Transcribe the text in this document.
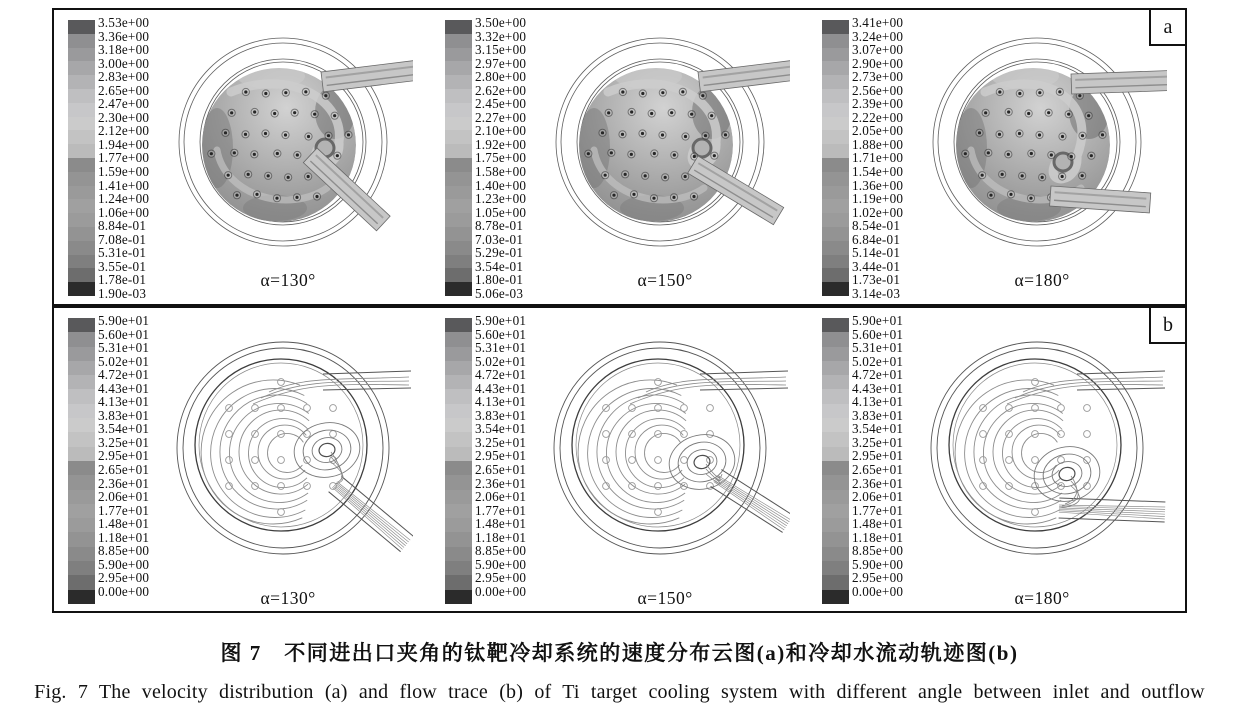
a
3.53e+00
3.36e+00
3.18e+00
3.00e+00
2.83e+00
2.65e+00
2.47e+00
2.30e+00
2.12e+00
1.94e+00
1.77e+00
1.59e+00
1.41e+00
1.24e+00
1.06e+00
8.84e-01
7.08e-01
5.31e-01
3.55e-01
1.78e-01
1.90e-03
α=130°
3.50e+00
3.32e+00
3.15e+00
2.97e+00
2.80e+00
2.62e+00
2.45e+00
2.27e+00
2.10e+00
1.92e+00
1.75e+00
1.58e+00
1.40e+00
1.23e+00
1.05e+00
8.78e-01
7.03e-01
5.29e-01
3.54e-01
1.80e-01
5.06e-03
α=150°
3.41e+00
3.24e+00
3.07e+00
2.90e+00
2.73e+00
2.56e+00
2.39e+00
2.22e+00
2.05e+00
1.88e+00
1.71e+00
1.54e+00
1.36e+00
1.19e+00
1.02e+00
8.54e-01
6.84e-01
5.14e-01
3.44e-01
1.73e-01
3.14e-03
α=180°
b
5.90e+01
5.60e+01
5.31e+01
5.02e+01
4.72e+01
4.43e+01
4.13e+01
3.83e+01
3.54e+01
3.25e+01
2.95e+01
2.65e+01
2.36e+01
2.06e+01
1.77e+01
1.48e+01
1.18e+01
8.85e+00
5.90e+00
2.95e+00
0.00e+00	α=130°
5.90e+01
5.60e+01
5.31e+01
5.02e+01
4.72e+01
4.43e+01
4.13e+01
3.83e+01
3.54e+01
3.25e+01
2.95e+01
2.65e+01
2.36e+01
2.06e+01
1.77e+01
1.48e+01
1.18e+01
8.85e+00
5.90e+00
2.95e+00
0.00e+00	α=150°
5.90e+01
5.60e+01
5.31e+01
5.02e+01
4.72e+01
4.43e+01
4.13e+01
3.83e+01
3.54e+01
3.25e+01
2.95e+01
2.65e+01
2.36e+01
2.06e+01
1.77e+01
1.48e+01
1.18e+01
8.85e+00
5.90e+00
2.95e+00
0.00e+00	α=180°
图 7　不同进出口夹角的钛靶冷却系统的速度分布云图(a)和冷却水流动轨迹图(b)
Fig. 7 The velocity distribution (a) and flow trace (b) of Ti target cooling system with different angle between inlet and outflow
